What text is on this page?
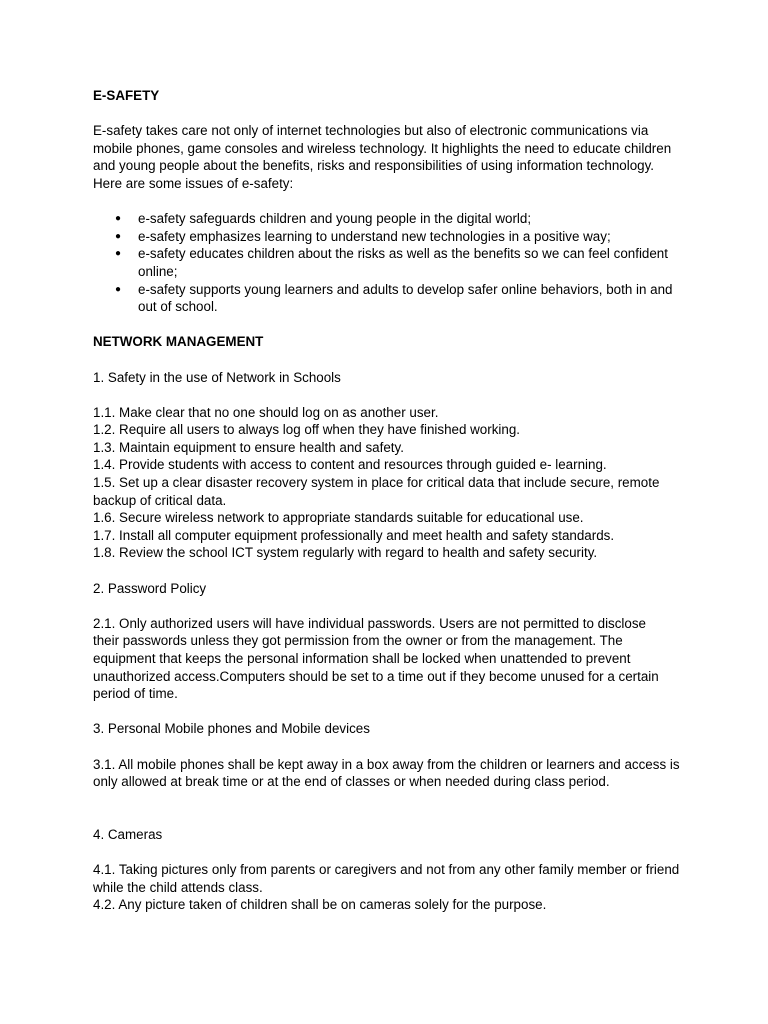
E-SAFETY

E-safety takes care not only of internet technologies but also of electronic communications via mobile phones, game consoles and wireless technology. It highlights the need to educate children and young people about the benefits, risks and responsibilities of using information technology. Here are some issues of e-safety:

● e-safety safeguards children and young people in the digital world;
● e-safety emphasizes learning to understand new technologies in a positive way;
● e-safety educates children about the risks as well as the benefits so we can feel confident online;
● e-safety supports young learners and adults to develop safer online behaviors, both in and out of school.
NETWORK MANAGEMENT

1. Safety in the use of Network in Schools

1.1. Make clear that no one should log on as another user.
1.2. Require all users to always log off when they have finished working.
1.3. Maintain equipment to ensure health and safety.
1.4. Provide students with access to content and resources through guided e- learning.
1.5. Set up a clear disaster recovery system in place for critical data that include secure, remote backup of critical data.
1.6. Secure wireless network to appropriate standards suitable for educational use.
1.7. Install all computer equipment professionally and meet health and safety standards.
1.8. Review the school ICT system regularly with regard to health and safety security.

2. Password Policy

2.1. Only authorized users will have individual passwords. Users are not permitted to disclose   their passwords unless they got permission from the owner or from the management. The equipment that keeps the personal information shall be locked when unattended to prevent unauthorized access.Computers should be set to a time out if they become unused for a certain period of time.

3. Personal Mobile phones and Mobile devices

3.1. All mobile phones shall be kept away in a box away from the children or learners and access is only allowed at break time or at the end of classes or when needed during class period.

4. Cameras

4.1. Taking pictures only from parents or caregivers and not from any other family member or friend while the child attends class.
4.2. Any picture taken of children shall be on cameras solely for the purpose.
